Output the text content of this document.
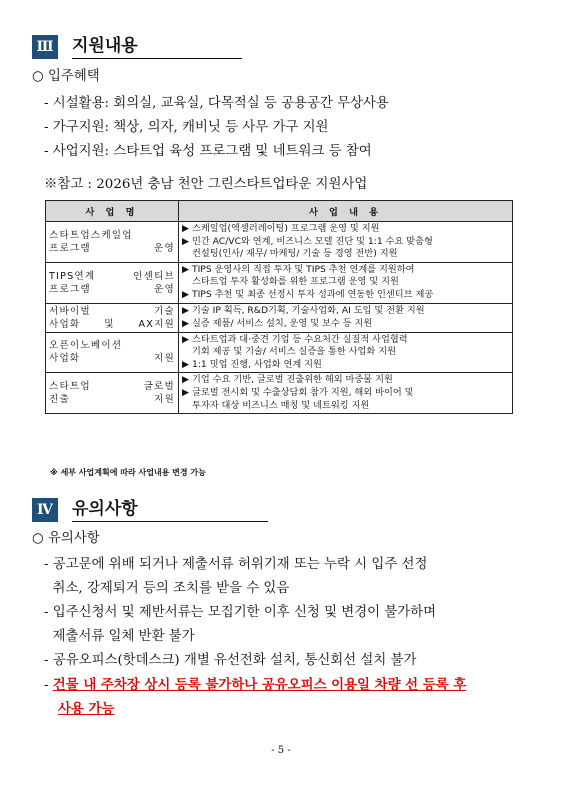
Ⅲ 지원내용
○ 입주혜택
- 시설활용: 회의실, 교육실, 다목적실 등 공용공간 무상사용
- 가구지원: 책상, 의자, 캐비닛 등 사무 가구 지원
- 사업지원: 스타트업 육성 프로그램 및 네트워크 등 참여
※참고 : 2026년 충남 천안 그린스타트업타운 지원사업
사 업 명	사 업 내 용

스타트업스케일업
프로그램 운영	▶ 스케일업(엑셀러레이팅) 프로그램 운영 및 지원
▶ 민간 AC/VC와 연계, 비즈니스 모델 진단 및 1:1 수요 맞춤형
컨설팅(인사/ 재무/ 마케팅/ 기술 등 경영 전반) 지원

TIPS연계 인센티브
프로그램 운영	▶ TIPS 운영사의 직접 투자 및 TIPS 추천 연계를 지원하여
스타트업 투자 활성화를 위한 프로그램 운영 및 지원
▶ TIPS 추천 및 최종 선정시 투자 성과에 연동한 인센티브 제공

서바이벌 기술
사업화 및 AX지원	▶ 기술 IP 획득, R&D기획, 기술사업화, AI 도입 및 전환 지원
▶ 실증 제품/ 서비스 설치, 운영 및 보수 등 지원

오픈이노베이션
사업화 지원	▶ 스타트업과 대·중견 기업 등 수요처간 실질적 사업협력
기회 제공 및 기술/ 서비스 실증을 통한 사업화 지원
▶ 1:1 밋업 진행, 사업화 연계 지원

스타트업 글로벌
진출 지원	▶ 기업 수요 기반, 글로벌 진출위한 해외 마중물 지원
▶ 글로벌 전시회 및 수출상담회 참가 지원, 해외 바이어 및
투자자 대상 비즈니스 매칭 및 네트워킹 지원
※ 세부 사업계획에 따라 사업내용 변경 가능
Ⅳ 유의사항
○ 유의사항
- 공고문에 위배 되거나 제출서류 허위기재 또는 누락 시 입주 선정
취소, 강제퇴거 등의 조치를 받을 수 있음
- 입주신청서 및 제반서류는 모집기한 이후 신청 및 변경이 불가하며
제출서류 일체 반환 불가
- 공유오피스(핫데스크) 개별 유선전화 설치, 통신회선 설치 불가
- 건물 내 주차장 상시 등록 불가하나 공유오피스 이용일 차량 선 등록 후
사용 가능
- 5 -
